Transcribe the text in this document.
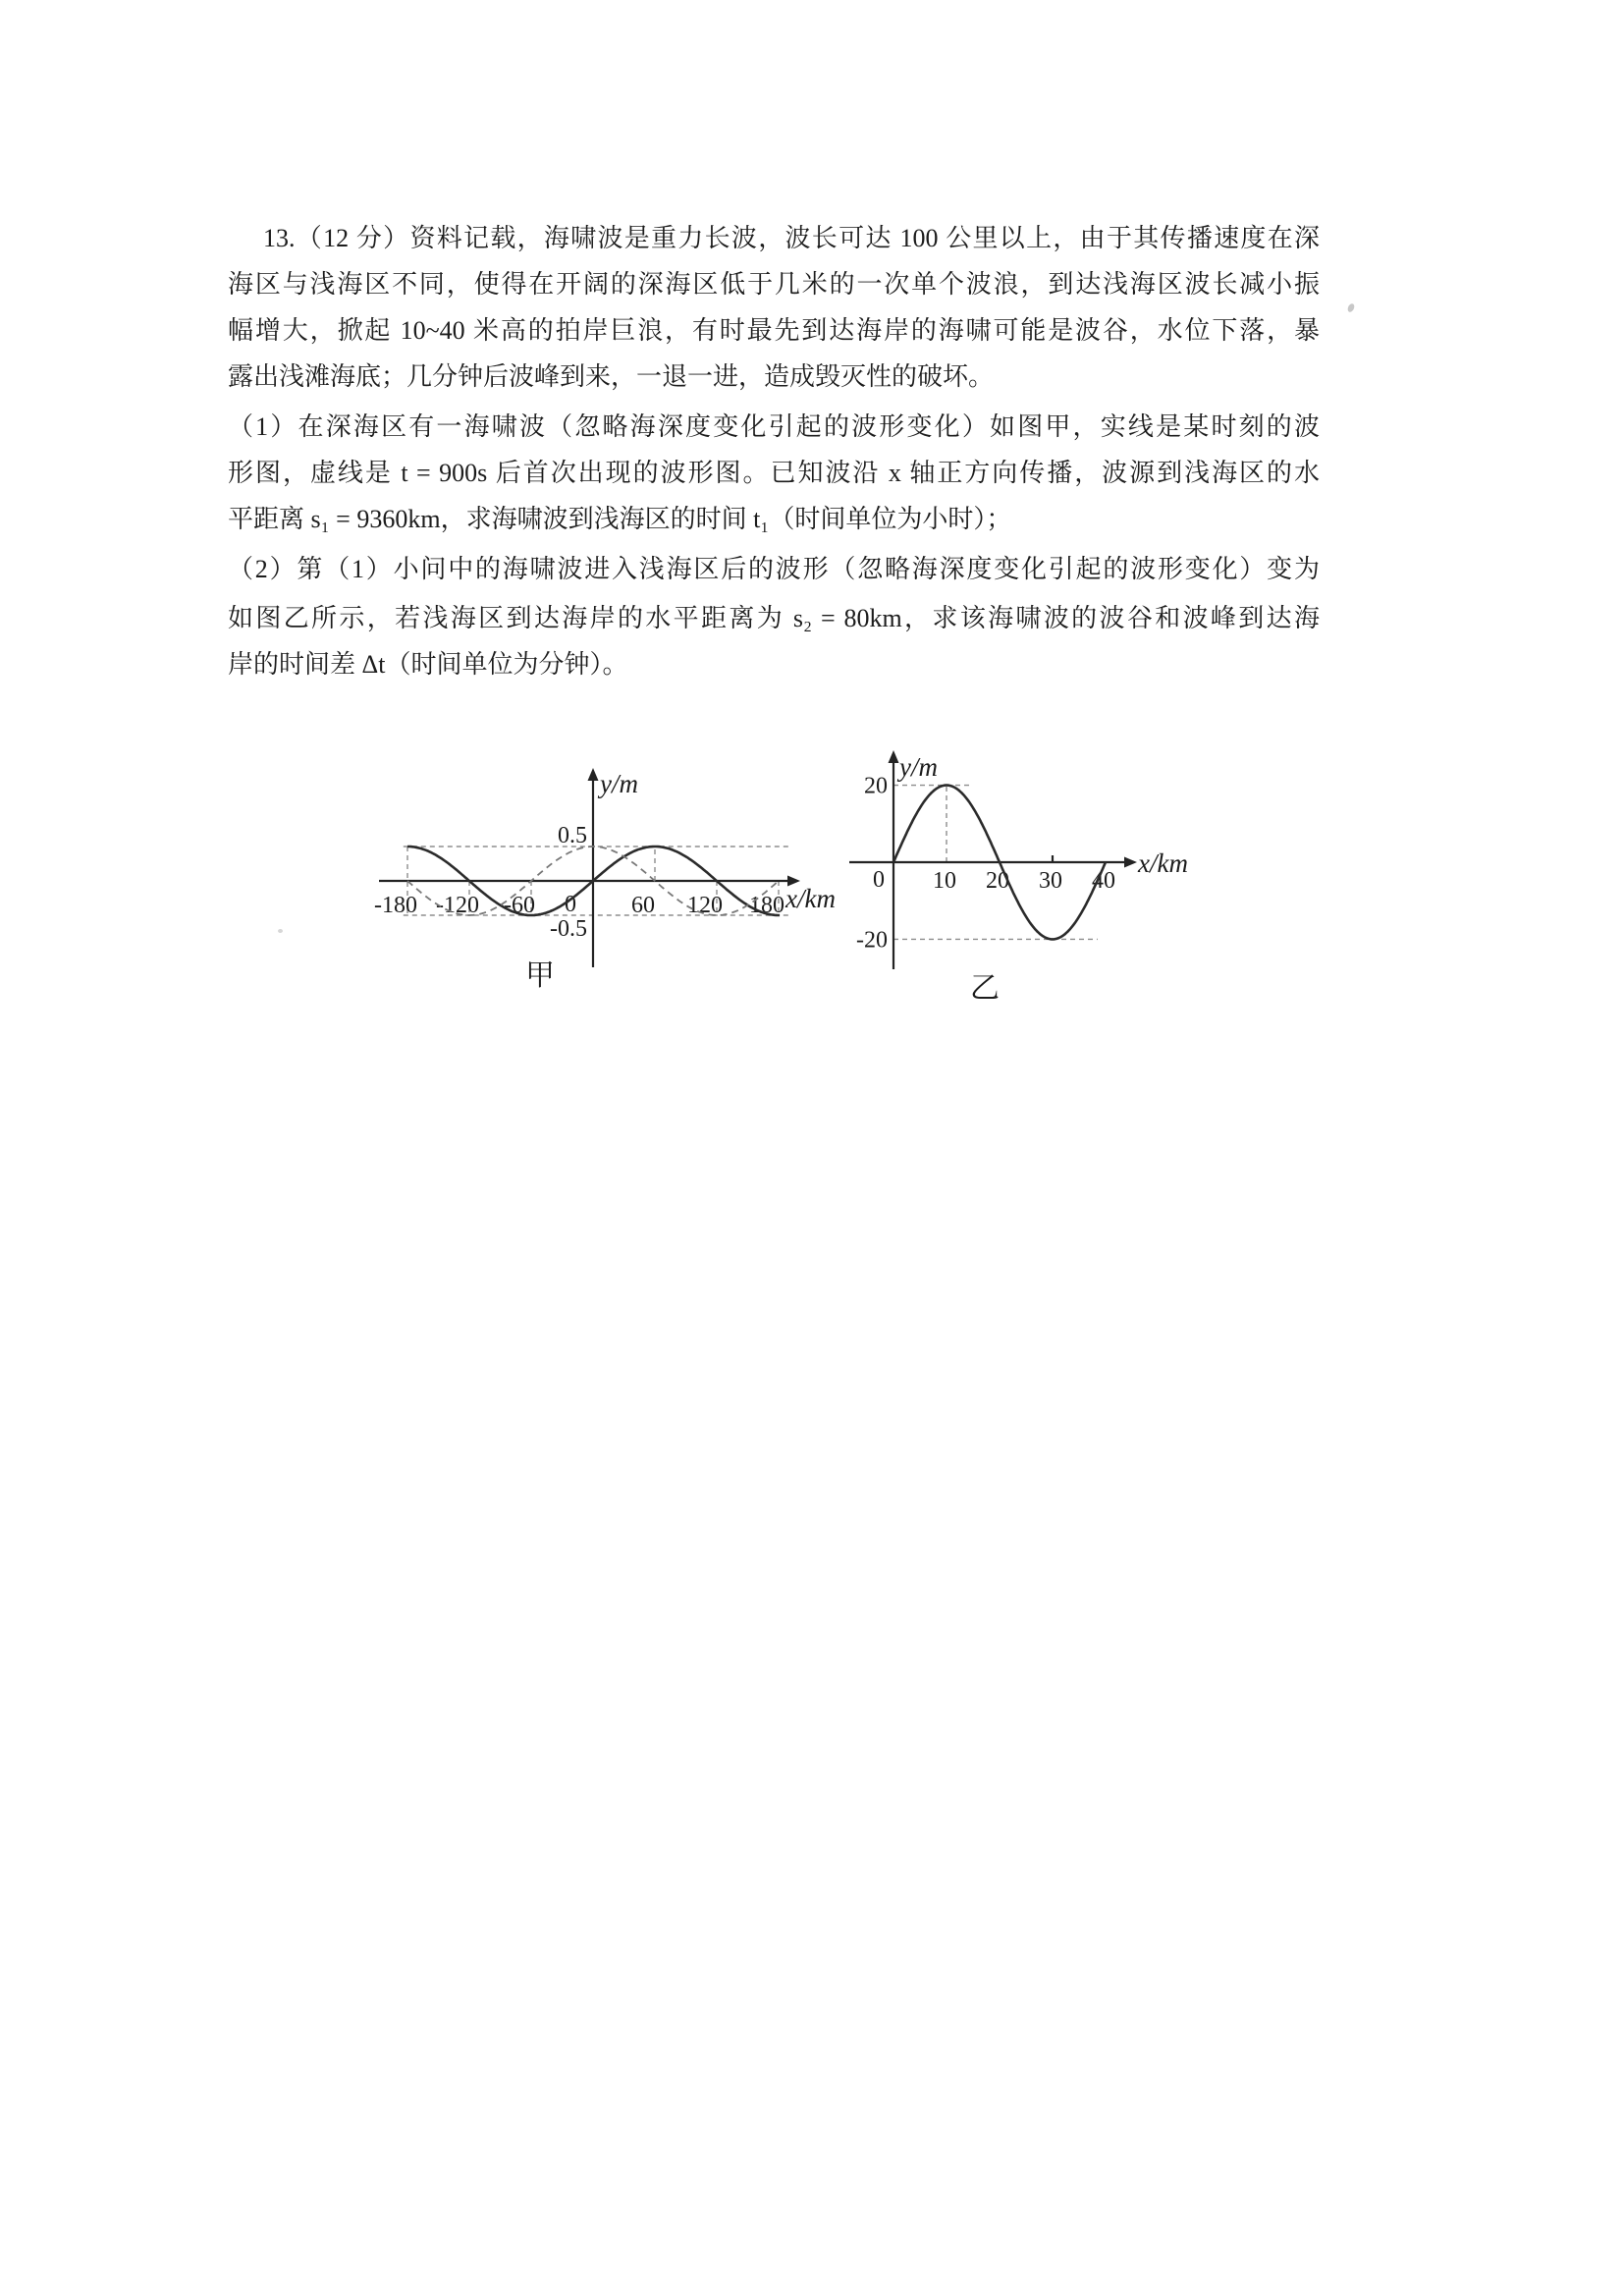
13.（12 分）资料记载，海啸波是重力长波，波长可达 100 公里以上，由于其传播速度在深
海区与浅海区不同，使得在开阔的深海区低于几米的一次单个波浪，到达浅海区波长减小振
幅增大，掀起 10~40 米高的拍岸巨浪，有时最先到达海岸的海啸可能是波谷，水位下落，暴
露出浅滩海底；几分钟后波峰到来，一退一进，造成毁灭性的破坏。
（1）在深海区有一海啸波（忽略海深度变化引起的波形变化）如图甲，实线是某时刻的波
形图，虚线是 t = 900s 后首次出现的波形图。已知波沿 x 轴正方向传播，波源到浅海区的水
平距离 s₁ = 9360km，求海啸波到浅海区的时间 t₁（时间单位为小时）；
（2）第（1）小问中的海啸波进入浅海区后的波形（忽略海深度变化引起的波形变化）变为
如图乙所示，若浅海区到达海岸的水平距离为 s₂ = 80km，求该海啸波的波谷和波峰到达海
岸的时间差 Δt（时间单位为分钟）。
-180 -120 -60	60 120 180
0.5
-0.5
0	x/km
y/m
甲
10 20 30 40
20
-20
0
x/km
y/m
乙
